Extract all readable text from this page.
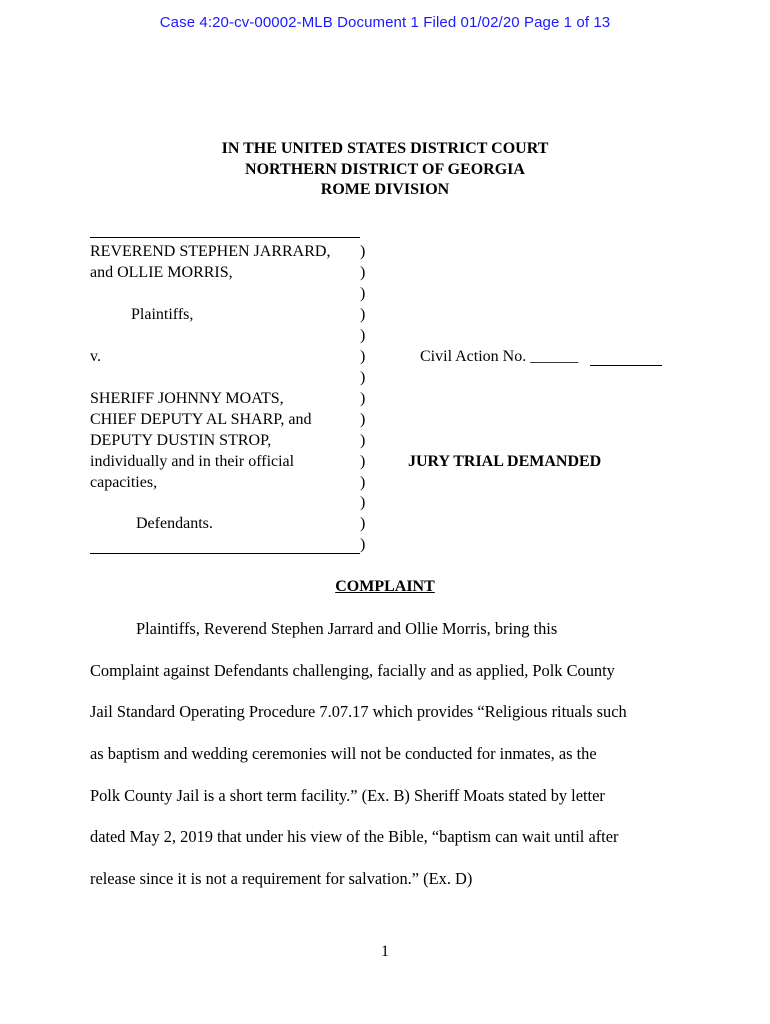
Case 4:20-cv-00002-MLB Document 1 Filed 01/02/20 Page 1 of 13
IN THE UNITED STATES DISTRICT COURT
NORTHERN DISTRICT OF GEORGIA
ROME DIVISION
REVEREND STEPHEN JARRARD,
and OLLIE MORRIS,
Plaintiffs,
v.
SHERIFF JOHNNY MOATS,
CHIEF DEPUTY AL SHARP, and
DEPUTY DUSTIN STROP,
individually and in their official
capacities,
Defendants.
)
)
)
)
)
)
)
)
)
)
)
)
)
)
)
Civil Action No. ______
JURY TRIAL DEMANDED
COMPLAINT
Plaintiffs, Reverend Stephen Jarrard and Ollie Morris, bring this
Complaint against Defendants challenging, facially and as applied, Polk County
Jail Standard Operating Procedure 7.07.17 which provides “Religious rituals such
as baptism and wedding ceremonies will not be conducted for inmates, as the
Polk County Jail is a short term facility.” (Ex. B) Sheriff Moats stated by letter
dated May 2, 2019 that under his view of the Bible, “baptism can wait until after
release since it is not a requirement for salvation.” (Ex. D)
1
